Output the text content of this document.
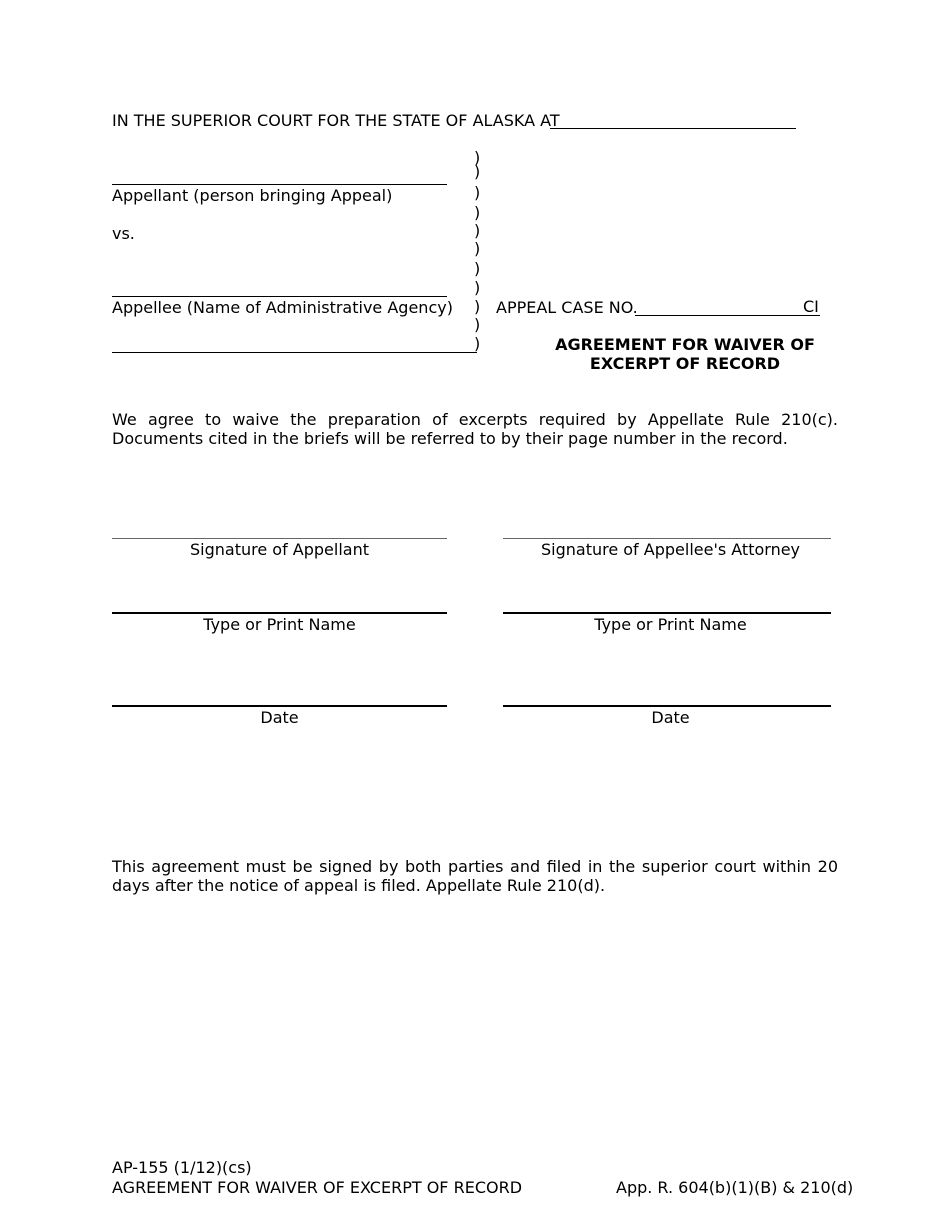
IN THE SUPERIOR COURT FOR THE STATE OF ALASKA AT
Appellant (person bringing Appeal)
vs.
Appellee (Name of Administrative Agency)
)
)
)
)
)
)
)
)
)
)
)
APPEAL CASE NO.	CI
AGREEMENT FOR WAIVER OF
EXCERPT OF RECORD
We agree to waive the preparation of excerpts required by Appellate Rule 210(c). Documents cited in the briefs will be referred to by their page number in the record.
Signature of Appellant
Type or Print Name
Date
Signature of Appellee's Attorney
Type or Print Name
Date
This agreement must be signed by both parties and filed in the superior court within 20 days after the notice of appeal is filed. Appellate Rule 210(d).
AP-155 (1/12)(cs)
AGREEMENT FOR WAIVER OF EXCERPT OF RECORD	App. R. 604(b)(1)(B) & 210(d)
